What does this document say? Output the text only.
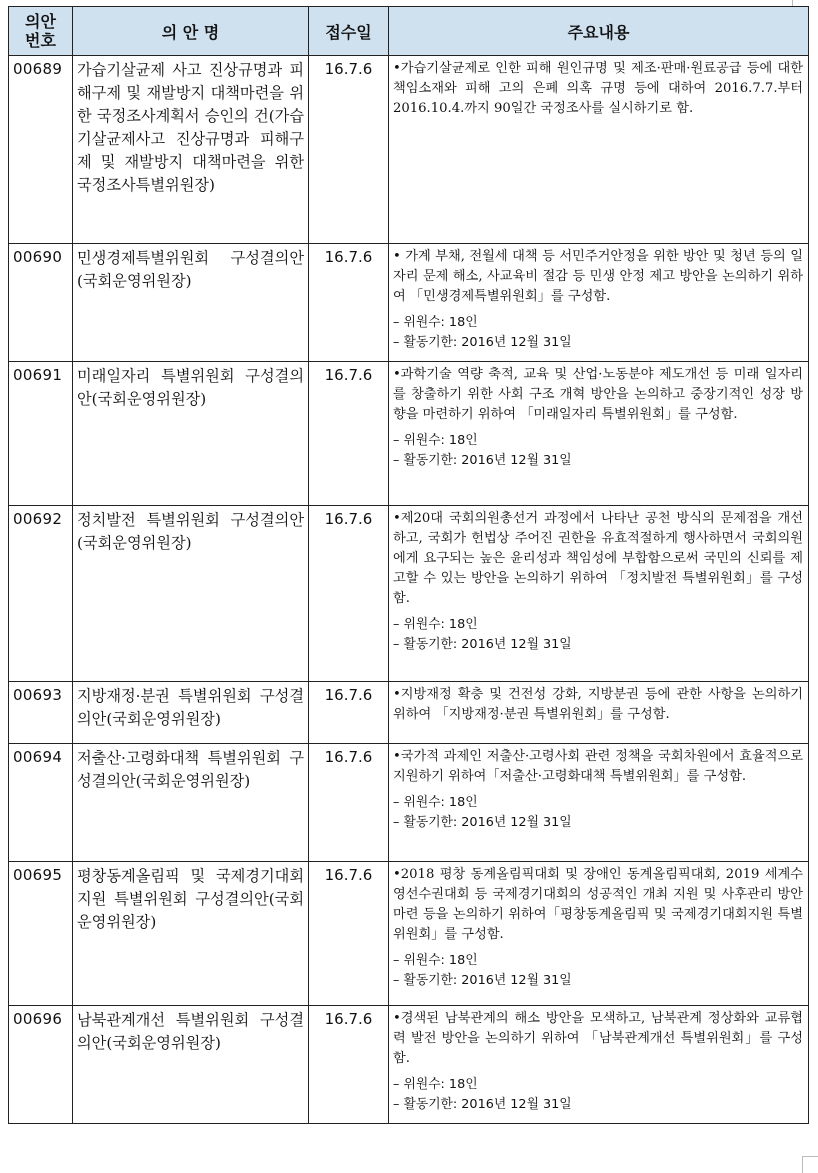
의안
번호	의 안 명	접수일	주요내용
00689	가습기살균제 사고 진상규명과 피해구제 및 재발방지 대책마련을 위한 국정조사계획서 승인의 건(가습기살균제사고 진상규명과 피해구제 및 재발방지 대책마련을 위한 국정조사특별위원장)	16.7.6	•가습기살균제로 인한 피해 원인규명 및 제조·판매·원료공급 등에 대한 책임소재와 피해 고의 은폐 의혹 규명 등에 대하여 2016.7.7.부터 2016.10.4.까지 90일간 국정조사를 실시하기로 함.

00690	민생경제특별위원회 구성결의안(국회운영위원장)	16.7.6	• 가계 부채, 전월세 대책 등 서민주거안정을 위한 방안 및 청년 등의 일자리 문제 해소, 사교육비 절감 등 민생 안정 제고 방안을 논의하기 위하여 「민생경제특별위원회」를 구성함.
– 위원수: 18인
– 활동기한: 2016년 12월 31일

00691	미래일자리 특별위원회 구성결의안(국회운영위원장)	16.7.6	•과학기술 역량 축적, 교육 및 산업·노동분야 제도개선 등 미래 일자리를 창출하기 위한 사회 구조 개혁 방안을 논의하고 중장기적인 성장 방향을 마련하기 위하여 「미래일자리 특별위원회」를 구성함.
– 위원수: 18인
– 활동기한: 2016년 12월 31일

00692	정치발전 특별위원회 구성결의안(국회운영위원장)	16.7.6	•제20대 국회의원총선거 과정에서 나타난 공천 방식의 문제점을 개선하고, 국회가 헌법상 주어진 권한을 유효적절하게 행사하면서 국회의원에게 요구되는 높은 윤리성과 책임성에 부합함으로써 국민의 신뢰를 제고할 수 있는 방안을 논의하기 위하여 「정치발전 특별위원회」를 구성함.
– 위원수: 18인
– 활동기한: 2016년 12월 31일

00693	지방재정·분권 특별위원회 구성결의안(국회운영위원장)	16.7.6	•지방재정 확충 및 건전성 강화, 지방분권 등에 관한 사항을 논의하기 위하여 「지방재정·분권 특별위원회」를 구성함.

00694	저출산·고령화대책 특별위원회 구성결의안(국회운영위원장)	16.7.6	•국가적 과제인 저출산·고령사회 관련 정책을 국회차원에서 효율적으로 지원하기 위하여「저출산·고령화대책 특별위원회」를 구성함.
– 위원수: 18인
– 활동기한: 2016년 12월 31일

00695	평창동계올림픽 및 국제경기대회지원 특별위원회 구성결의안(국회운영위원장)	16.7.6	•2018 평창 동계올림픽대회 및 장애인 동계올림픽대회, 2019 세계수영선수권대회 등 국제경기대회의 성공적인 개최 지원 및 사후관리 방안 마련 등을 논의하기 위하여「평창동계올림픽 및 국제경기대회지원 특별위원회」를 구성함.
– 위원수: 18인
– 활동기한: 2016년 12월 31일

00696	남북관계개선 특별위원회 구성결의안(국회운영위원장)	16.7.6	•경색된 남북관계의 해소 방안을 모색하고, 남북관계 정상화와 교류협력 발전 방안을 논의하기 위하여 「남북관계개선 특별위원회」를 구성함.
– 위원수: 18인
– 활동기한: 2016년 12월 31일
